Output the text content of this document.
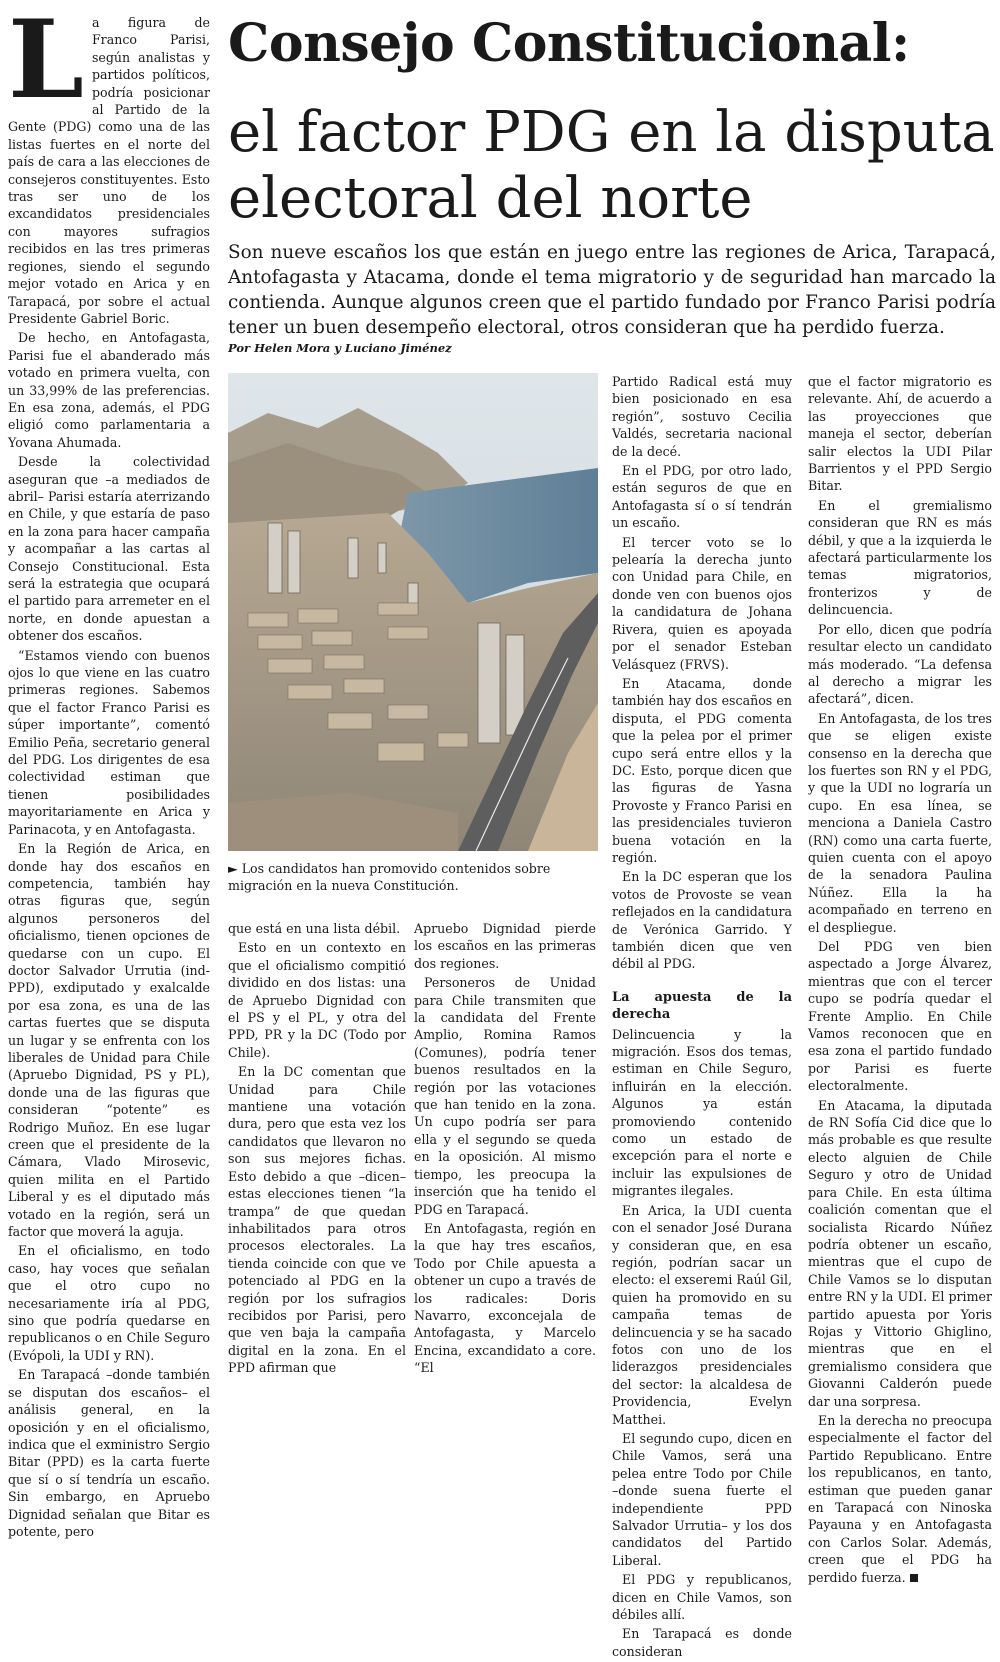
Consejo Constitucional:
el factor PDG en la disputa electoral del norte
Son nueve escaños los que están en juego entre las regiones de Arica, Tarapacá, Antofagasta y Atacama, donde el tema migratorio y de seguridad han marcado la contienda. Aunque algunos creen que el partido fundado por Franco Parisi podría tener un buen desempeño electoral, otros consideran que ha perdido fuerza.
Por Helen Mora y Luciano Jiménez
L a figura de Franco Parisi, según analistas y partidos políticos, podría posicionar al Partido de la Gente (PDG) como una de las listas fuertes en el norte del país de cara a las elecciones de consejeros constituyentes. Esto tras ser uno de los excandidatos presidenciales con mayores sufragios recibidos en las tres primeras regiones, siendo el segundo mejor votado en Arica y en Tarapacá, por sobre el actual Presidente Gabriel Boric.

De hecho, en Antofagasta, Parisi fue el abanderado más votado en primera vuelta, con un 33,99% de las preferencias. En esa zona, además, el PDG eligió como parlamentaria a Yovana Ahumada.

Desde la colectividad aseguran que –a mediados de abril– Parisi estaría aterrizando en Chile, y que estaría de paso en la zona para hacer campaña y acompañar a las cartas al Consejo Constitucional. Esta será la estrategia que ocupará el partido para arremeter en el norte, en donde apuestan a obtener dos escaños.

“Estamos viendo con buenos ojos lo que viene en las cuatro primeras regiones. Sabemos que el factor Franco Parisi es súper importante”, comentó Emilio Peña, secretario general del PDG. Los dirigentes de esa colectividad estiman que tienen posibilidades mayoritariamente en Arica y Parinacota, y en Antofagasta.

En la Región de Arica, en donde hay dos escaños en competencia, también hay otras figuras que, según algunos personeros del oficialismo, tienen opciones de quedarse con un cupo. El doctor Salvador Urrutia (ind-PPD), exdiputado y exalcalde por esa zona, es una de las cartas fuertes que se disputa un lugar y se enfrenta con los liberales de Unidad para Chile (Apruebo Dignidad, PS y PL), donde una de las figuras que consideran “potente” es Rodrigo Muñoz. En ese lugar creen que el presidente de la Cámara, Vlado Mirosevic, quien milita en el Partido Liberal y es el diputado más votado en la región, será un factor que moverá la aguja.

En el oficialismo, en todo caso, hay voces que señalan que el otro cupo no necesariamente iría al PDG, sino que podría quedarse en republicanos o en Chile Seguro (Evópoli, la UDI y RN).

En Tarapacá –donde también se disputan dos escaños– el análisis general, en la oposición y en el oficialismo, indica que el exministro Sergio Bitar (PPD) es la carta fuerte que sí o sí tendría un escaño. Sin embargo, en Apruebo Dignidad señalan que Bitar es potente, pero

► Los candidatos han promovido contenidos sobre migración en la nueva Constitución.

que está en una lista débil.

Esto en un contexto en que el oficialismo compitió dividido en dos listas: una de Apruebo Dignidad con el PS y el PL, y otra del PPD, PR y la DC (Todo por Chile).

En la DC comentan que Unidad para Chile mantiene una votación dura, pero que esta vez los candidatos que llevaron no son sus mejores fichas. Esto debido a que –dicen– estas elecciones tienen “la trampa” de que quedan inhabilitados para otros procesos electorales. La tienda coincide con que ve potenciado al PDG en la región por los sufragios recibidos por Parisi, pero que ven baja la campaña digital en la zona. En el PPD afirman que

Apruebo Dignidad pierde los escaños en las primeras dos regiones.

Personeros de Unidad para Chile transmiten que la candidata del Frente Amplio, Romina Ramos (Comunes), podría tener buenos resultados en la región por las votaciones que han tenido en la zona. Un cupo podría ser para ella y el segundo se queda en la oposición. Al mismo tiempo, les preocupa la inserción que ha tenido el PDG en Tarapacá.

En Antofagasta, región en la que hay tres escaños, Todo por Chile apuesta a obtener un cupo a través de los radicales: Doris Navarro, exconcejala de Antofagasta, y Marcelo Encina, excandidato a core. “El

Partido Radical está muy bien posicionado en esa región”, sostuvo Cecilia Valdés, secretaria nacional de la decé.

En el PDG, por otro lado, están seguros de que en Antofagasta sí o sí tendrán un escaño.

El tercer voto se lo pelearía la derecha junto con Unidad para Chile, en donde ven con buenos ojos la candidatura de Johana Rivera, quien es apoyada por el senador Esteban Velásquez (FRVS).

En Atacama, donde también hay dos escaños en disputa, el PDG comenta que la pelea por el primer cupo será entre ellos y la DC. Esto, porque dicen que las figuras de Yasna Provoste y Franco Parisi en las presidenciales tuvieron buena votación en la región.

En la DC esperan que los votos de Provoste se vean reflejados en la candidatura de Verónica Garrido. Y también dicen que ven débil al PDG.

La apuesta de la derecha

Delincuencia y la migración. Esos dos temas, estiman en Chile Seguro, influirán en la elección. Algunos ya están promoviendo contenido como un estado de excepción para el norte e incluir las expulsiones de migrantes ilegales.

En Arica, la UDI cuenta con el senador José Durana y consideran que, en esa región, podrían sacar un electo: el exseremi Raúl Gil, quien ha promovido en su campaña temas de delincuencia y se ha sacado fotos con uno de los liderazgos presidenciales del sector: la alcaldesa de Providencia, Evelyn Matthei.

El segundo cupo, dicen en Chile Vamos, será una pelea entre Todo por Chile –donde suena fuerte el independiente PPD Salvador Urrutia– y los dos candidatos del Partido Liberal.

El PDG y republicanos, dicen en Chile Vamos, son débiles allí.

En Tarapacá es donde consideran

que el factor migratorio es relevante. Ahí, de acuerdo a las proyecciones que maneja el sector, deberían salir electos la UDI Pilar Barrientos y el PPD Sergio Bitar.

En el gremialismo consideran que RN es más débil, y que a la izquierda le afectará particularmente los temas migratorios, fronterizos y de delincuencia.

Por ello, dicen que podría resultar electo un candidato más moderado. “La defensa al derecho a migrar les afectará”, dicen.

En Antofagasta, de los tres que se eligen existe consenso en la derecha que los fuertes son RN y el PDG, y que la UDI no lograría un cupo. En esa línea, se menciona a Daniela Castro (RN) como una carta fuerte, quien cuenta con el apoyo de la senadora Paulina Núñez. Ella la ha acompañado en terreno en el despliegue.

Del PDG ven bien aspectado a Jorge Álvarez, mientras que con el tercer cupo se podría quedar el Frente Amplio. En Chile Vamos reconocen que en esa zona el partido fundado por Parisi es fuerte electoralmente.

En Atacama, la diputada de RN Sofía Cid dice que lo más probable es que resulte electo alguien de Chile Seguro y otro de Unidad para Chile. En esta última coalición comentan que el socialista Ricardo Núñez podría obtener un escaño, mientras que el cupo de Chile Vamos se lo disputan entre RN y la UDI. El primer partido apuesta por Yoris Rojas y Vittorio Ghiglino, mientras que en el gremialismo considera que Giovanni Calderón puede dar una sorpresa.

En la derecha no preocupa especialmente el factor del Partido Republicano. Entre los republicanos, en tanto, estiman que pueden ganar en Tarapacá con Ninoska Payauna y en Antofagasta con Carlos Solar. Además, creen que el PDG ha perdido fuerza.
